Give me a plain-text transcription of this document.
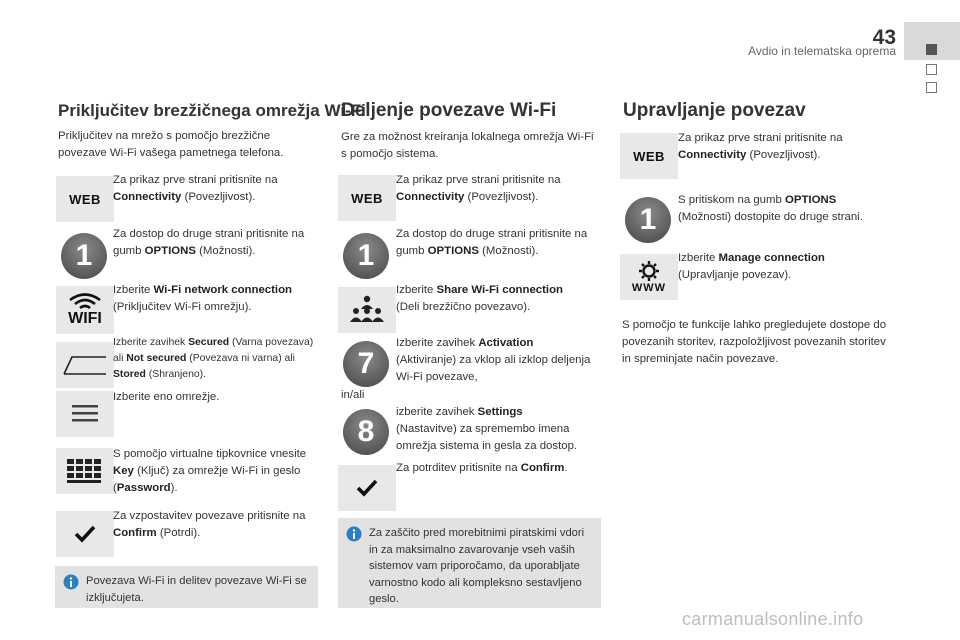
43
Avdio in telematska oprema
Priključitev brezžičnega omrežja Wi-Fi
Priključitev na mrežo s pomočjo brezžične povezave Wi-Fi vašega pametnega telefona.
WEB
Za prikaz prve strani pritisnite na
Connectivity (Povezljivost).
1
Za dostop do druge strani pritisnite na gumb OPTIONS (Možnosti).
WIFI
Izberite Wi-Fi network connection
(Priključitev Wi-Fi omrežju).
Izberite zavihek Secured (Varna povezava) ali Not secured (Povezava ni varna) ali Stored (Shranjeno).
Izberite eno omrežje.
S pomočjo virtualne tipkovnice vnesite Key (Ključ) za omrežje Wi-Fi in geslo (Password).
Za vzpostavitev povezave pritisnite na Confirm (Potrdi).
Povezava Wi-Fi in delitev povezave Wi-Fi se izključujeta.
Deljenje povezave Wi-Fi
Gre za možnost kreiranja lokalnega omrežja Wi-Fi s pomočjo sistema.
WEB
Za prikaz prve strani pritisnite na
Connectivity (Povezljivost).
1
Za dostop do druge strani pritisnite na gumb OPTIONS (Možnosti).
Izberite Share Wi-Fi connection
(Deli brezžično povezavo).
7
Izberite zavihek Activation
(Aktiviranje) za vklop ali izklop deljenja Wi-Fi povezave,
in/ali
8
izberite zavihek Settings
(Nastavitve) za spremembo imena omrežja sistema in gesla za dostop.
Za potrditev pritisnite na Confirm.
Za zaščito pred morebitnimi piratskimi vdori in za maksimalno zavarovanje vseh vaših sistemov vam priporočamo, da uporabljate varnostno kodo ali kompleksno sestavljeno geslo.
Upravljanje povezav
WEB
Za prikaz prve strani pritisnite na
Connectivity (Povezljivost).
1
S pritiskom na gumb OPTIONS
(Možnosti) dostopite do druge strani.
WWW
Izberite Manage connection
(Upravljanje povezav).
S pomočjo te funkcije lahko pregledujete dostope do povezanih storitev, razpoložljivost povezanih storitev in spreminjate način povezave.
carmanualsonline.info
